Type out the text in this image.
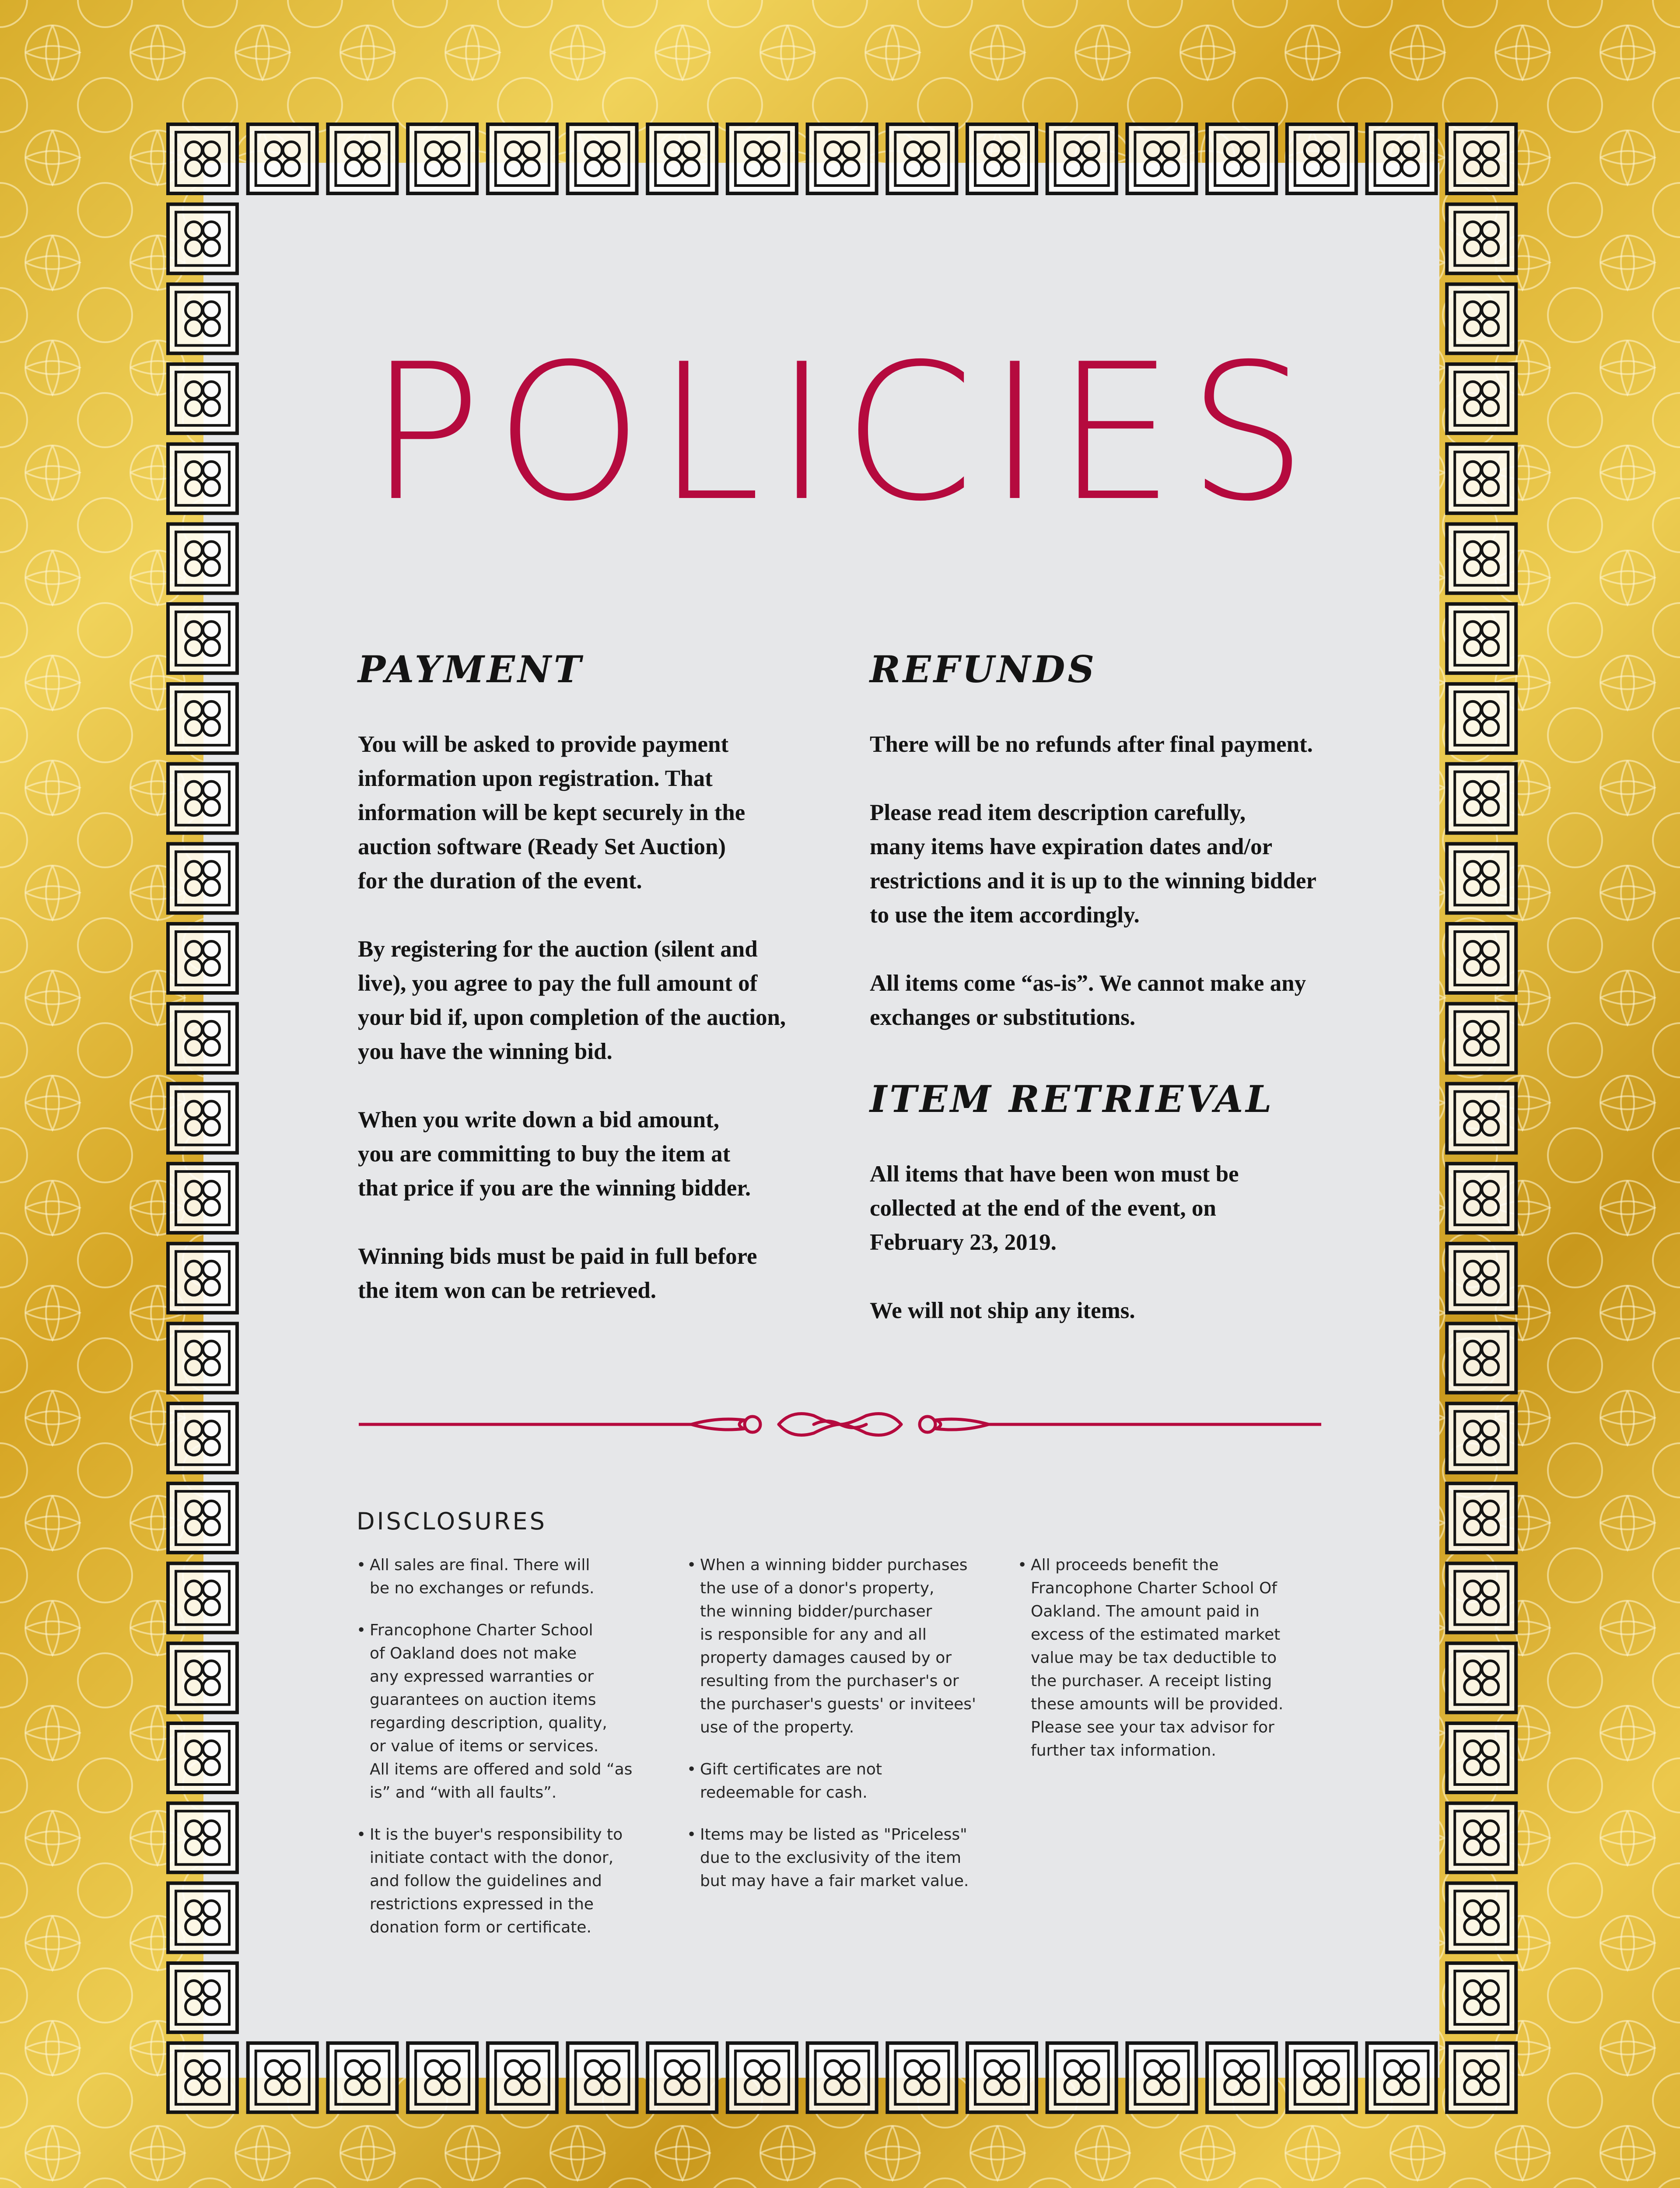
POLICIES
PAYMENT

You will be asked to provide payment
information upon registration. That
information will be kept securely in the
auction software (Ready Set Auction)
for the duration of the event.

By registering for the auction (silent and
live), you agree to pay the full amount of
your bid if, upon completion of the auction,
you have the winning bid.

When you write down a bid amount,
you are committing to buy the item at
that price if you are the winning bidder.

Winning bids must be paid in full before
the item won can be retrieved.

REFUNDS

There will be no refunds after final payment.

Please read item description carefully,
many items have expiration dates and/or
restrictions and it is up to the winning bidder
to use the item accordingly.

All items come “as-is”. We cannot make any
exchanges or substitutions.

ITEM RETRIEVAL

All items that have been won must be
collected at the end of the event, on
February 23, 2019.

We will not ship any items.

DISCLOSURES
• All sales are final. There will
be no exchanges or refunds.
• Francophone Charter School
of Oakland does not make
any expressed warranties or
guarantees on auction items
regarding description, quality,
or value of items or services.
All items are offered and sold “as
is” and “with all faults”.
• It is the buyer's responsibility to
initiate contact with the donor,
and follow the guidelines and
restrictions expressed in the
donation form or certificate.
• When a winning bidder purchases
the use of a donor's property,
the winning bidder/purchaser
is responsible for any and all
property damages caused by or
resulting from the purchaser's or
the purchaser's guests' or invitees'
use of the property.
• Gift certificates are not
redeemable for cash.
• Items may be listed as "Priceless"
due to the exclusivity of the item
but may have a fair market value.
• All proceeds benefit the
Francophone Charter School Of
Oakland. The amount paid in
excess of the estimated market
value may be tax deductible to
the purchaser. A receipt listing
these amounts will be provided.
Please see your tax advisor for
further tax information.
